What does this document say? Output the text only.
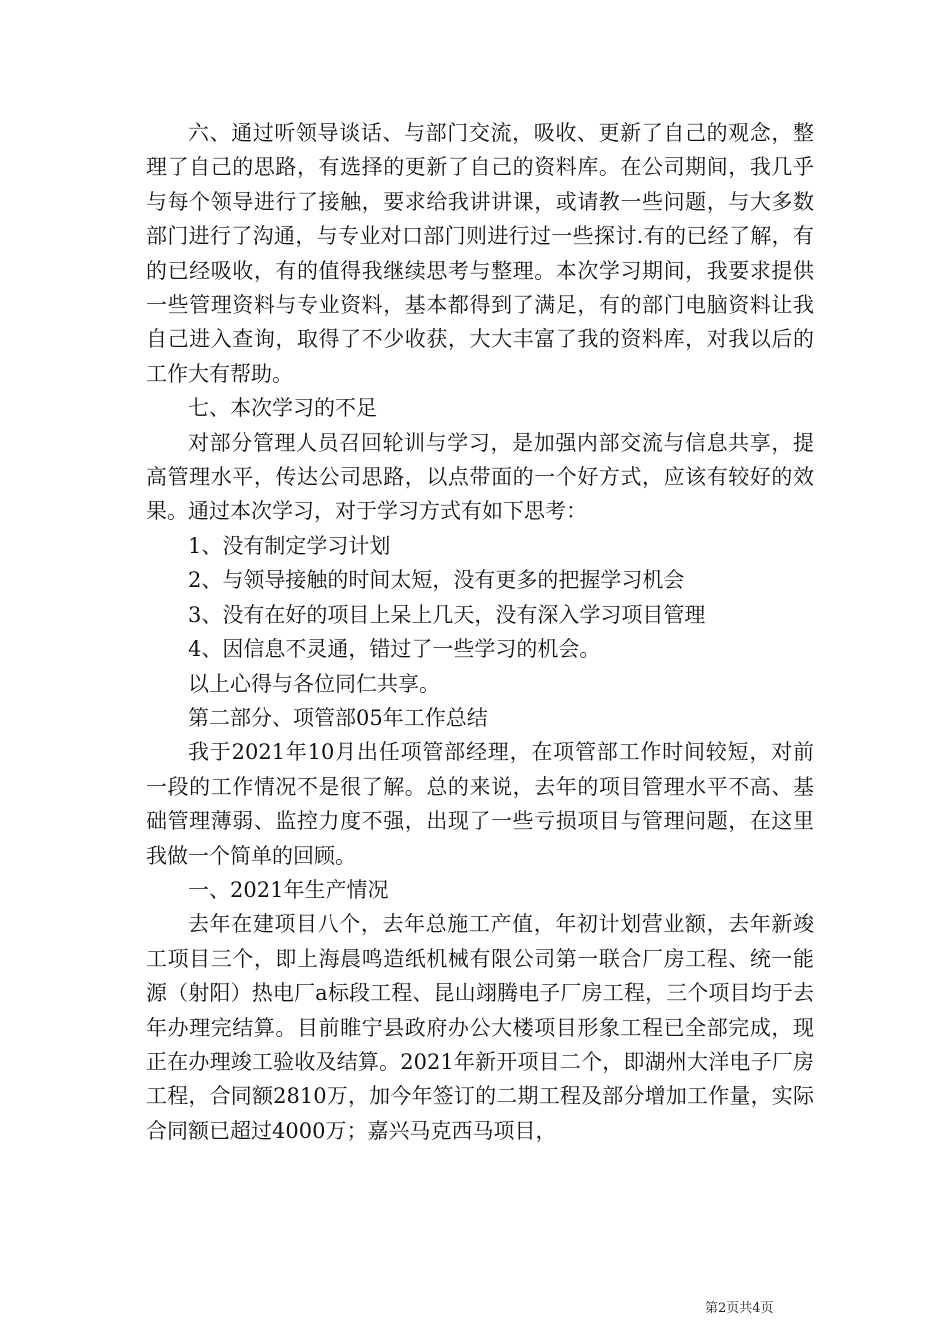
六、通过听领导谈话、与部门交流，吸收、更新了自己的观念，整理了自己的思路，有选择的更新了自己的资料库。在公司期间，我几乎与每个领导进行了接触，要求给我讲讲课，或请教一些问题，与大多数部门进行了沟通，与专业对口部门则进行过一些探讨.有的已经了解，有的已经吸收，有的值得我继续思考与整理。本次学习期间，我要求提供一些管理资料与专业资料，基本都得到了满足，有的部门电脑资料让我自己进入查询，取得了不少收获，大大丰富了我的资料库，对我以后的工作大有帮助。

七、本次学习的不足

对部分管理人员召回轮训与学习，是加强内部交流与信息共享，提高管理水平，传达公司思路，以点带面的一个好方式，应该有较好的效果。通过本次学习，对于学习方式有如下思考：

1、没有制定学习计划

2、与领导接触的时间太短，没有更多的把握学习机会

3、没有在好的项目上呆上几天，没有深入学习项目管理

4、因信息不灵通，错过了一些学习的机会。

以上心得与各位同仁共享。

第二部分、项管部05年工作总结

我于2021年10月出任项管部经理，在项管部工作时间较短，对前一段的工作情况不是很了解。总的来说，去年的项目管理水平不高、基础管理薄弱、监控力度不强，出现了一些亏损项目与管理问题，在这里我做一个简单的回顾。

一、2021年生产情况

去年在建项目八个，去年总施工产值，年初计划营业额，去年新竣工项目三个，即上海晨鸣造纸机械有限公司第一联合厂房工程、统一能源（射阳）热电厂a标段工程、昆山翊腾电子厂房工程，三个项目均于去年办理完结算。目前睢宁县政府办公大楼项目形象工程已全部完成，现正在办理竣工验收及结算。2021年新开项目二个，即湖州大洋电子厂房工程，合同额2810万，加今年签订的二期工程及部分增加工作量，实际合同额已超过4000万；嘉兴马克西马项目，

第2页共4页
